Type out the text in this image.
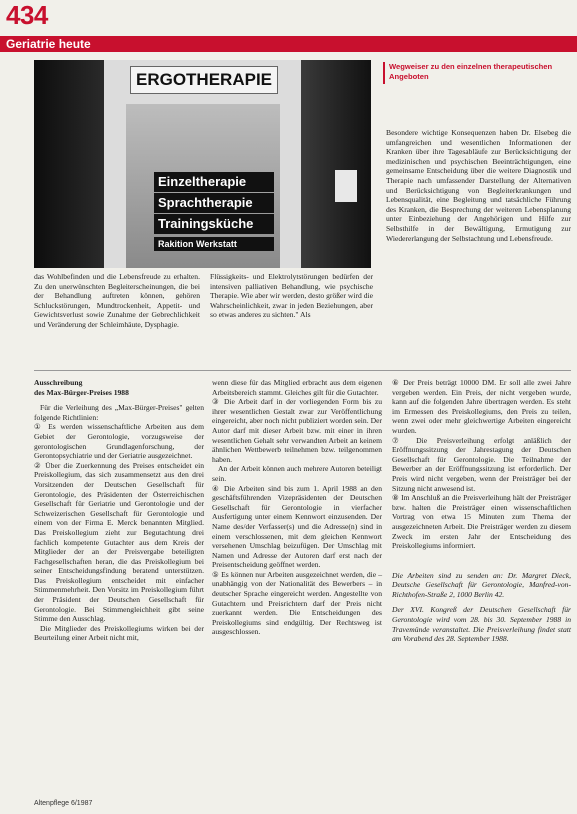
434
Geriatrie heute
ERGOTHERAPIE
Einzeltherapie
Sprachtherapie
Trainingsküche
Rakition Werkstatt

das Wohlbefinden und die Lebensfreude zu erhalten. Zu den unerwünschten Begleiterscheinungen, die bei der Behandlung auftreten können, gehören Schluckstörungen, Mundtrockenheit, Appetit- und Gewichtsverlust sowie Zunahme der Gebrechlichkeit und Veränderung der Schleimhäute, Dysphagie.

Flüssigkeits- und Elektrolytstörungen bedürfen der intensiven palliativen Behandlung, wie psychische Therapie. Wie aber wir werden, desto größer wird die Wahrscheinlichkeit, zwar in jeden Beziehungen, aber so etwas anderes zu sichten." Als

Wegweiser zu den einzelnen therapeutischen Angeboten

Besondere wichtige Konsequenzen haben Dr. Elsebeg die umfangreichen und wesentlichen Informationen der Kranken über ihre Tagesabläufe zur Berücksichtigung der medizinischen und psychischen Beeinträchtigungen, eine gemeinsame Entscheidung über die weitere Diagnostik und Therapie nach umfassender Darstellung der Alternativen und Berücksichtigung von Begleiterkrankungen und Lebensqualität, eine Begleitung und tatsächliche Führung des Kranken, die Besprechung der weiteren Lebensplanung unter Einbeziehung der Angehörigen und Hilfe zur Selbsthilfe in der Bewältigung, Ermutigung zur Wiedererlangung der Selbstachtung und Lebensfreude.

Ausschreibung
des Max-Bürger-Preises 1988

Für die Verleihung des „Max-Bürger-Preises" gelten folgende Richtlinien:

① Es werden wissenschaftliche Arbeiten aus dem Gebiet der Gerontologie, vorzugsweise der gerontologischen Grundlagenforschung, der Gerontopsychiatrie und der Geriatrie ausgezeichnet.

② Über die Zuerkennung des Preises entscheidet ein Preiskollegium, das sich zusammensetzt aus den drei Vorsitzenden der Deutschen Gesellschaft für Gerontologie, des Präsidenten der Österreichischen Gesellschaft für Geriatrie und Gerontologie und der Schweizerischen Gesellschaft für Gerontologie und einem von der Firma E. Merck benannten Mitglied. Das Preiskollegium zieht zur Begutachtung drei fachlich kompetente Gutachter aus dem Kreis der Mitglieder der an der Preisvergabe beteiligten Fachgesellschaften heran, die das Preiskollegium bei seiner Entscheidungsfindung beratend unterstützen. Das Preiskollegium entscheidet mit einfacher Stimmenmehrheit. Den Vorsitz im Preiskollegium führt der Präsident der Deutschen Gesellschaft für Gerontologie. Bei Stimmengleichheit gibt seine Stimme den Ausschlag.

Die Mitglieder des Preiskollegiums wirken bei der Beurteilung einer Arbeit nicht mit,

wenn diese für das Mitglied erbracht aus dem eigenen Arbeitsbereich stammt. Gleiches gilt für die Gutachter.

③ Die Arbeit darf in der vorliegenden Form bis zu ihrer wesentlichen Gestalt zwar zur Veröffentlichung eingereicht, aber noch nicht publiziert worden sein. Der Autor darf mit dieser Arbeit bzw. mit einer in ihren wesentlichen Gehalt sehr verwandten Arbeit an keinem ähnlichen Wettbewerb teilnehmen bzw. teilgenommen haben.

An der Arbeit können auch mehrere Autoren beteiligt sein.

④ Die Arbeiten sind bis zum 1. April 1988 an den geschäftsführenden Vizepräsidenten der Deutschen Gesellschaft für Gerontologie in vierfacher Ausfertigung unter einem Kennwort einzusenden. Der Name des/der Verfasser(s) und die Adresse(n) sind in einem verschlossenen, mit dem gleichen Kennwort versehenen Umschlag beizufügen. Der Umschlag mit Namen und Adresse der Autoren darf erst nach der Preisentscheidung geöffnet werden.

⑤ Es können nur Arbeiten ausgezeichnet werden, die – unabhängig von der Nationalität des Bewerbers – in deutscher Sprache eingereicht werden. Angestellte von Gutachtern und Preisrichtern darf der Preis nicht zuerkannt werden. Die Entscheidungen des Preiskollegiums sind endgültig. Der Rechtsweg ist ausgeschlossen.

⑥ Der Preis beträgt 10000 DM. Er soll alle zwei Jahre vergeben werden. Ein Preis, der nicht vergeben wurde, kann auf die folgenden Jahre übertragen werden. Es steht im Ermessen des Preiskollegiums, den Preis zu teilen, wenn zwei oder mehr gleichwertige Arbeiten eingereicht wurden.

⑦ Die Preisverleihung erfolgt anläßlich der Eröffnungssitzung der Jahrestagung der Deutschen Gesellschaft für Gerontologie. Die Teilnahme der Bewerber an der Eröffnungssitzung ist erforderlich. Der Preis wird nicht vergeben, wenn der Preisträger bei der Sitzung nicht anwesend ist.

⑧ Im Anschluß an die Preisverleihung hält der Preisträger bzw. halten die Preisträger einen wissenschaftlichen Vortrag von etwa 15 Minuten zum Thema der ausgezeichneten Arbeit. Die Preisträger werden zu diesem Zweck im ersten Jahr der Entscheidung des Preiskollegiums informiert.

Die Arbeiten sind zu senden an: Dr. Margret Dieck, Deutsche Gesellschaft für Gerontologie, Manfred-von-Richthofen-Straße 2, 1000 Berlin 42.

Der XVI. Kongreß der Deutschen Gesellschaft für Gerontologie wird vom 28. bis 30. September 1988 in Travemünde veranstaltet. Die Preisverleihung findet statt am Vorabend des 28. September 1988.

Altenpflege 6/1987
